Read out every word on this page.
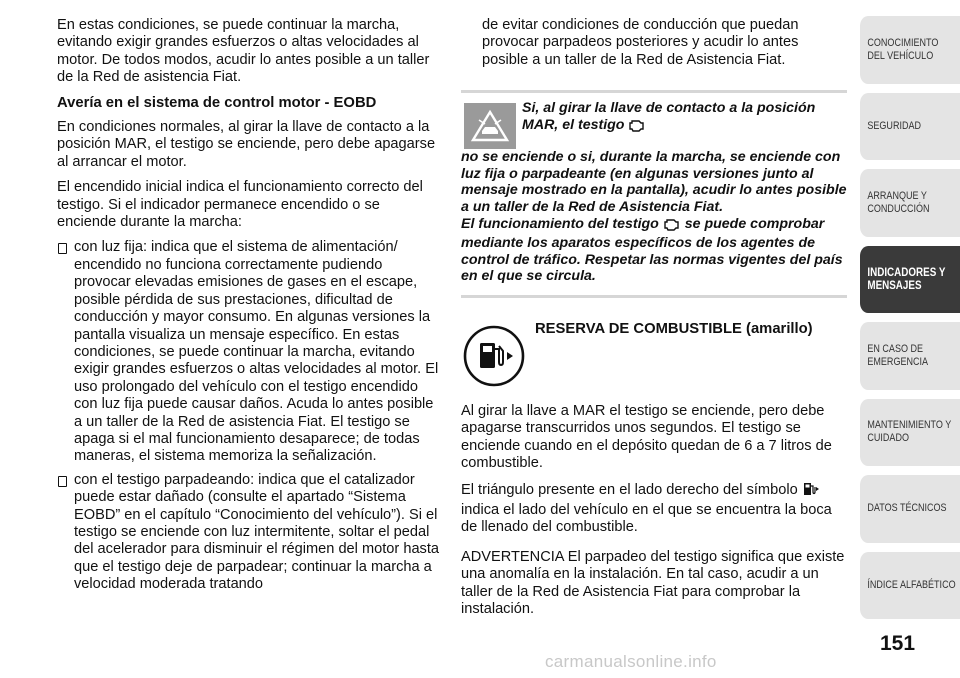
En estas condiciones, se puede continuar la marcha, evitando exigir grandes esfuerzos o altas velocidades al motor. De todos modos, acudir lo antes posible a un taller de la Red de asistencia Fiat.

Avería en el sistema de control motor - EOBD

En condiciones normales, al girar la llave de contacto a la posición MAR, el testigo se enciende, pero debe apagarse al arrancar el motor.

El encendido inicial indica el funcionamiento correcto del testigo. Si el indicador permanece encendido o se enciende durante la marcha:

con luz fija: indica que el sistema de alimentación/ encendido no funciona correctamente pudiendo provocar elevadas emisiones de gases en el escape, posible pérdida de sus prestaciones, dificultad de conducción y mayor consumo. En algunas versiones la pantalla visualiza un mensaje específico. En estas condiciones, se puede continuar la marcha, evitando exigir grandes esfuerzos o altas velocidades al motor. El uso prolongado del vehículo con el testigo encendido con luz fija puede causar daños. Acuda lo antes posible a un taller de la Red de asistencia Fiat. El testigo se apaga si el mal funcionamiento desaparece; de todas maneras, el sistema memoriza la señalización.
con el testigo parpadeando: indica que el catalizador puede estar dañado (consulte el apartado “Sistema EOBD” en el capítulo “Conocimiento del vehículo”). Si el testigo se enciende con luz intermitente, soltar el pedal del acelerador para disminuir el régimen del motor hasta que el testigo deje de parpadear; continuar la marcha a velocidad moderada tratando

de evitar condiciones de conducción que puedan provocar parpadeos posteriores y acudir lo antes posible a un taller de la Red de Asistencia Fiat.

Si, al girar la llave de contacto a la posición MAR, el testigo
no se enciende o si, durante la marcha, se enciende con luz fija o parpadeante (en algunas versiones junto al mensaje mostrado en la pantalla), acudir lo antes posible a un taller de la Red de Asistencia Fiat.
El funcionamiento del testigo  se puede comprobar mediante los aparatos específicos de los agentes de control de tráfico. Respetar las normas vigentes del país en el que se circula.
RESERVA DE COMBUSTIBLE (amarillo)

Al girar la llave a MAR el testigo se enciende, pero debe apagarse transcurridos unos segundos. El testigo se enciende cuando en el depósito quedan de 6 a 7 litros de combustible.

El triángulo presente en el lado derecho del símbolo  indica el lado del vehículo en el que se encuentra la boca de llenado del combustible.

ADVERTENCIA El parpadeo del testigo significa que existe una anomalía en la instalación. En tal caso, acudir a un taller de la Red de Asistencia Fiat para comprobar la instalación.

CONOCIMIENTO
DEL VEHÍCULO
SEGURIDAD
ARRANQUE Y
CONDUCCIÓN
INDICADORES Y
MENSAJES
EN CASO DE
EMERGENCIA
MANTENIMIENTO Y
CUIDADO
DATOS TÉCNICOS
ÍNDICE ALFABÉTICO
151
carmanualsonline.info
